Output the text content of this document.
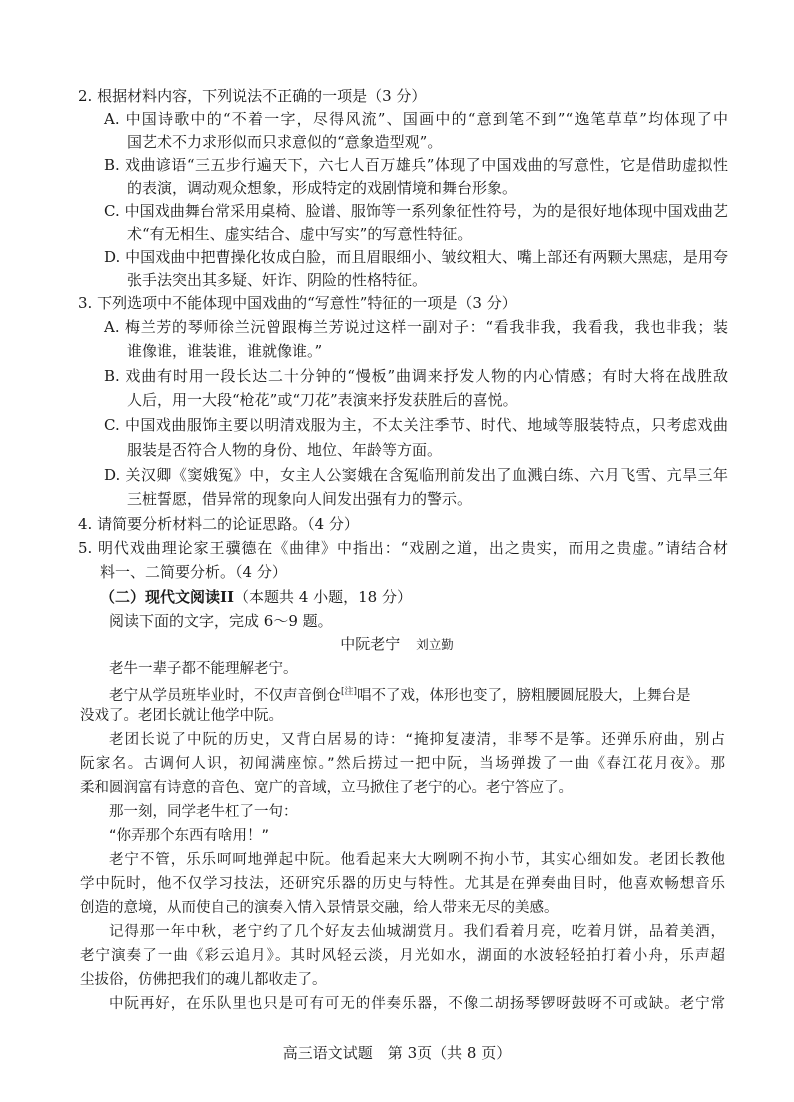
2. 根据材料内容，下列说法不正确的一项是（3 分）

A. 中国诗歌中的“不着一字，尽得风流”、国画中的“意到笔不到”“逸笔草草”均体现了中

国艺术不力求形似而只求意似的“意象造型观”。

B. 戏曲谚语“三五步行遍天下，六七人百万雄兵”体现了中国戏曲的写意性，它是借助虚拟性

的表演，调动观众想象，形成特定的戏剧情境和舞台形象。

C. 中国戏曲舞台常采用桌椅、脸谱、服饰等一系列象征性符号，为的是很好地体现中国戏曲艺

术“有无相生、虚实结合、虚中写实”的写意性特征。

D. 中国戏曲中把曹操化妆成白脸，而且眉眼细小、皱纹粗大、嘴上部还有两颗大黑痣，是用夸

张手法突出其多疑、奸诈、阴险的性格特征。

3. 下列选项中不能体现中国戏曲的“写意性”特征的一项是（3 分）

A. 梅兰芳的琴师徐兰沅曾跟梅兰芳说过这样一副对子：“看我非我，我看我，我也非我；装

谁像谁，谁装谁，谁就像谁。”

B. 戏曲有时用一段长达二十分钟的“慢板”曲调来抒发人物的内心情感；有时大将在战胜敌

人后，用一大段“枪花”或“刀花”表演来抒发获胜后的喜悦。

C. 中国戏曲服饰主要以明清戏服为主，不太关注季节、时代、地域等服装特点，只考虑戏曲

服装是否符合人物的身份、地位、年龄等方面。

D. 关汉卿《窦娥冤》中，女主人公窦娥在含冤临刑前发出了血溅白练、六月飞雪、亢旱三年

三桩誓愿，借异常的现象向人间发出强有力的警示。

4. 请简要分析材料二的论证思路。（4 分）

5. 明代戏曲理论家王骥德在《曲律》中指出：“戏剧之道，出之贵实，而用之贵虚。”请结合材

料一、二简要分析。（4 分）

（二）现代文阅读II（本题共 4 小题，18 分）

阅读下面的文字，完成 6～9 题。

中阮老宁 刘立勤

老牛一辈子都不能理解老宁。

老宁从学员班毕业时，不仅声音倒仓[注]唱不了戏，体形也变了，膀粗腰圆屁股大，上舞台是

没戏了。老团长就让他学中阮。

老团长说了中阮的历史，又背白居易的诗：“掩抑复凄清，非琴不是筝。还弹乐府曲，别占

阮家名。古调何人识，初闻满座惊。”然后捞过一把中阮，当场弹拨了一曲《春江花月夜》。那

柔和圆润富有诗意的音色、宽广的音域，立马掀住了老宁的心。老宁答应了。

那一刻，同学老牛杠了一句：

“你弄那个东西有啥用！”

老宁不管，乐乐呵呵地弹起中阮。他看起来大大咧咧不拘小节，其实心细如发。老团长教他

学中阮时，他不仅学习技法，还研究乐器的历史与特性。尤其是在弹奏曲目时，他喜欢畅想音乐

创造的意境，从而使自己的演奏入情入景情景交融，给人带来无尽的美感。

记得那一年中秋，老宁约了几个好友去仙城湖赏月。我们看着月亮，吃着月饼，品着美酒，

老宁演奏了一曲《彩云追月》。其时风轻云淡，月光如水，湖面的水波轻轻拍打着小舟，乐声超

尘拔俗，仿佛把我们的魂儿都收走了。

中阮再好，在乐队里也只是可有可无的伴奏乐器，不像二胡扬琴锣呀鼓呀不可或缺。老宁常

高三语文试题　第 3页（共 8 页）
